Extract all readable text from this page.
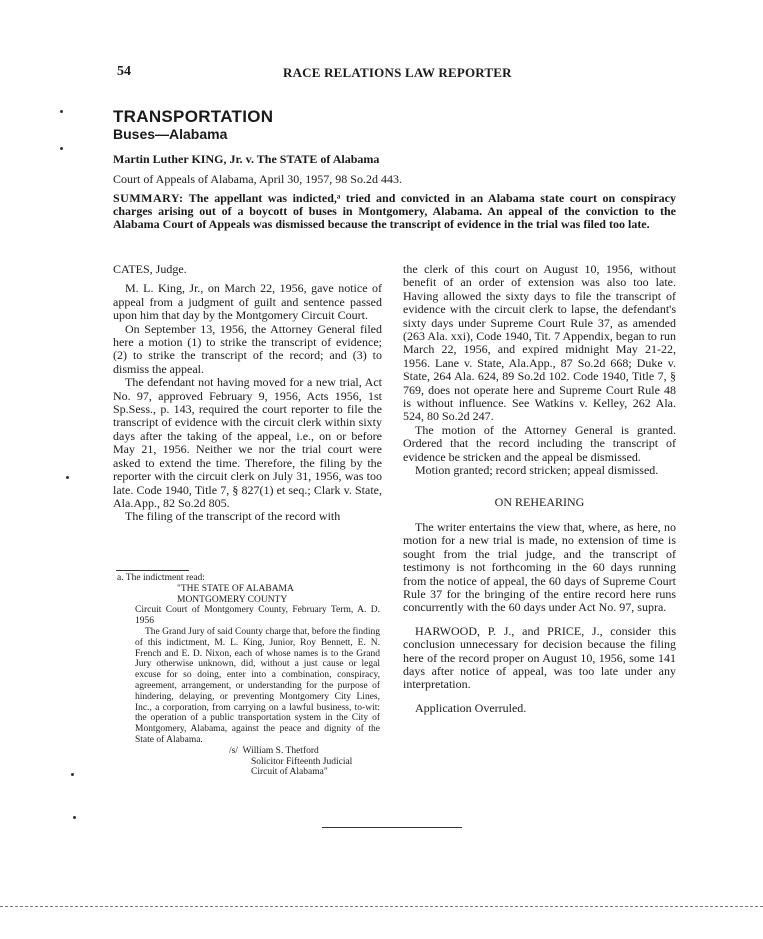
54	RACE RELATIONS LAW REPORTER
TRANSPORTATION
Buses—Alabama
Martin Luther KING, Jr. v. The STATE of Alabama
Court of Appeals of Alabama, April 30, 1957, 98 So.2d 443.
SUMMARY: The appellant was indicted,ᵃ tried and convicted in an Alabama state court on conspiracy charges arising out of a boycott of buses in Montgomery, Alabama. An appeal of the conviction to the Alabama Court of Appeals was dismissed because the transcript of evidence in the trial was filed too late.

CATES, Judge.

M. L. King, Jr., on March 22, 1956, gave notice of appeal from a judgment of guilt and sentence passed upon him that day by the Montgomery Circuit Court.

On September 13, 1956, the Attorney General filed here a motion (1) to strike the transcript of evidence; (2) to strike the transcript of the record; and (3) to dismiss the appeal.

The defendant not having moved for a new trial, Act No. 97, approved February 9, 1956, Acts 1956, 1st Sp.Sess., p. 143, required the court reporter to file the transcript of evidence with the circuit clerk within sixty days after the taking of the appeal, i.e., on or before May 21, 1956. Neither we nor the trial court were asked to extend the time. Therefore, the filing by the reporter with the circuit clerk on July 31, 1956, was too late. Code 1940, Title 7, § 827(1) et seq.; Clark v. State, Ala.App., 82 So.2d 805.

The filing of the transcript of the record with

a. The indictment read:
"THE STATE OF ALABAMA
MONTGOMERY COUNTY
Circuit Court of Montgomery County, February Term, A. D. 1956
The Grand Jury of said County charge that, before the finding of this indictment, M. L. King, Junior, Roy Bennett, E. N. French and E. D. Nixon, each of whose names is to the Grand Jury otherwise unknown, did, without a just cause or legal excuse for so doing, enter into a combination, conspiracy, agreement, arrangement, or understanding for the purpose of hindering, delaying, or preventing Montgomery City Lines, Inc., a corporation, from carrying on a lawful business, to-wit: the operation of a public transportation system in the City of Montgomery, Alabama, against the peace and dignity of the State of Alabama.
/s/  William S. Thetford
Solicitor Fifteenth Judicial
Circuit of Alabama"

the clerk of this court on August 10, 1956, without benefit of an order of extension was also too late. Having allowed the sixty days to file the transcript of evidence with the circuit clerk to lapse, the defendant's sixty days under Supreme Court Rule 37, as amended (263 Ala. xxi), Code 1940, Tit. 7 Appendix, began to run March 22, 1956, and expired midnight May 21-22, 1956. Lane v. State, Ala.App., 87 So.2d 668; Duke v. State, 264 Ala. 624, 89 So.2d 102. Code 1940, Title 7, § 769, does not operate here and Supreme Court Rule 48 is without influence. See Watkins v. Kelley, 262 Ala. 524, 80 So.2d 247.

The motion of the Attorney General is granted. Ordered that the record including the transcript of evidence be stricken and the appeal be dismissed.

Motion granted; record stricken; appeal dismissed.

ON REHEARING

The writer entertains the view that, where, as here, no motion for a new trial is made, no extension of time is sought from the trial judge, and the transcript of testimony is not forthcoming in the 60 days running from the notice of appeal, the 60 days of Supreme Court Rule 37 for the bringing of the entire record here runs concurrently with the 60 days under Act No. 97, supra.

HARWOOD, P. J., and PRICE, J., consider this conclusion unnecessary for decision because the filing here of the record proper on August 10, 1956, some 141 days after notice of appeal, was too late under any interpretation.

Application Overruled.
